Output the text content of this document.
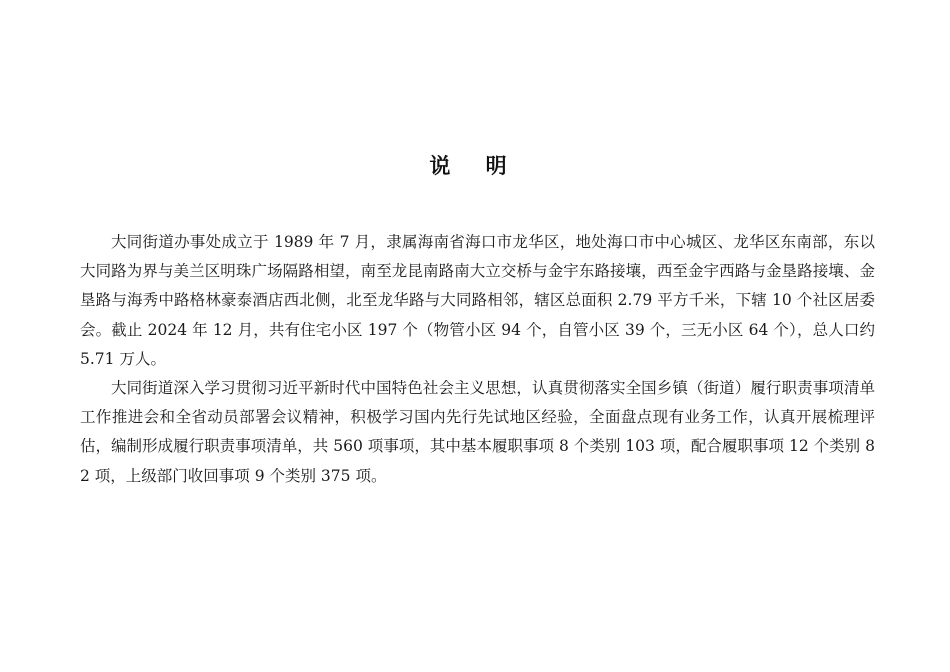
说 明

大同街道办事处成立于 1989 年 7 月，隶属海南省海口市龙华区，地处海口市中心城区、龙华区东南部，东以大同路为界与美兰区明珠广场隔路相望，南至龙昆南路南大立交桥与金宇东路接壤，西至金宇西路与金垦路接壤、金垦路与海秀中路格林豪泰酒店西北侧，北至龙华路与大同路相邻，辖区总面积 2.79 平方千米，下辖 10 个社区居委会。截止 2024 年 12 月，共有住宅小区 197 个（物管小区 94 个，自管小区 39 个，三无小区 64 个），总人口约 5.71 万人。

大同街道深入学习贯彻习近平新时代中国特色社会主义思想，认真贯彻落实全国乡镇（街道）履行职责事项清单工作推进会和全省动员部署会议精神，积极学习国内先行先试地区经验，全面盘点现有业务工作，认真开展梳理评估，编制形成履行职责事项清单，共 560 项事项，其中基本履职事项 8 个类别 103 项，配合履职事项 12 个类别 82 项，上级部门收回事项 9 个类别 375 项。
